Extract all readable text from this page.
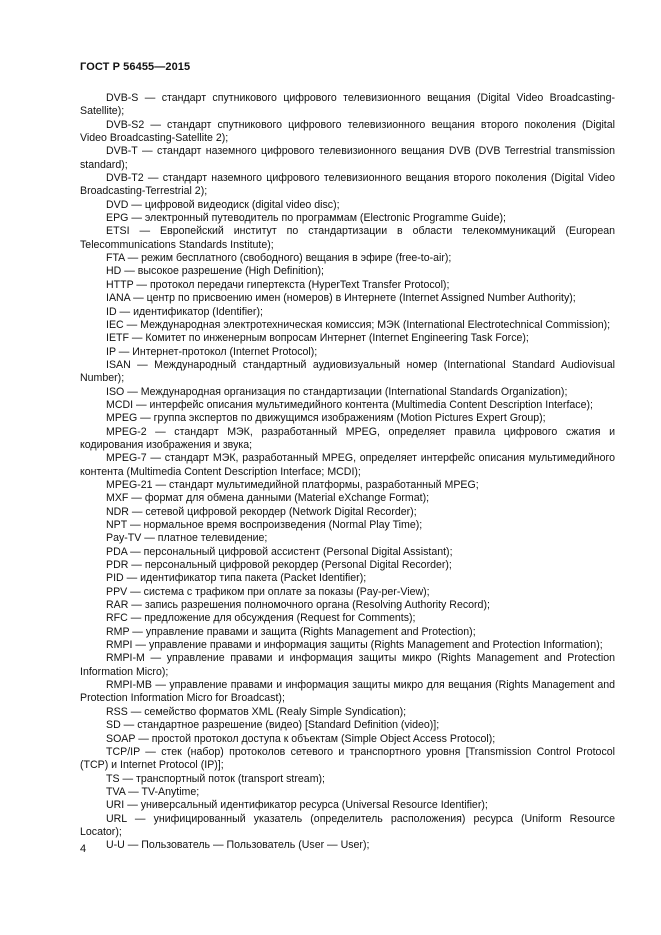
ГОСТ Р 56455—2015

DVB-S — стандарт спутникового цифрового телевизионного вещания (Digital Video Broadcasting-Satellite);

DVB-S2 — стандарт спутникового цифрового телевизионного вещания второго поколения (Digital Video Broadcasting-Satellite 2);

DVB-T — стандарт наземного цифрового телевизионного вещания DVB (DVB Terrestrial transmission standard);

DVB-T2 — стандарт наземного цифрового телевизионного вещания второго поколения (Digital Video Broadcasting-Terrestrial 2);

DVD — цифровой видеодиск (digital video disc);

EPG — электронный путеводитель по программам (Electronic Programme Guide);

ETSI — Европейский институт по стандартизации в области телекоммуникаций (European Telecommunications Standards Institute);

FTA — режим бесплатного (свободного) вещания в эфире (free-to-air);

HD — высокое разрешение (High Definition);

HTTP — протокол передачи гипертекста (HyperText Transfer Protocol);

IANA — центр по присвоению имен (номеров) в Интернете (Internet Assigned Number Authority);

ID — идентификатор (Identifier);

IEC — Международная электротехническая комиссия; МЭК (International Electrotechnical Commission);

IETF — Комитет по инженерным вопросам Интернет (Internet Engineering Task Force);

IP — Интернет-протокол (Internet Protocol);

ISAN — Международный стандартный аудиовизуальный номер (International Standard Audiovisual Number);

ISO — Международная организация по стандартизации (International Standards Organization);

MCDI — интерфейс описания мультимедийного контента (Multimedia Content Description Interface);

MPEG — группа экспертов по движущимся изображениям (Motion Pictures Expert Group);

MPEG-2 — стандарт МЭК, разработанный MPEG, определяет правила цифрового сжатия и кодирования изображения и звука;

MPEG-7 — стандарт МЭК, разработанный MPEG, определяет интерфейс описания мультимедийного контента (Multimedia Content Description Interface; MCDI);

MPEG-21 — стандарт мультимедийной платформы, разработанный MPEG;

MXF — формат для обмена данными (Material eXchange Format);

NDR — сетевой цифровой рекордер (Network Digital Recorder);

NPT — нормальное время воспроизведения (Normal Play Time);

Pay-TV — платное телевидение;

PDA — персональный цифровой ассистент (Personal Digital Assistant);

PDR — персональный цифровой рекордер (Personal Digital Recorder);

PID — идентификатор типа пакета (Packet Identifier);

PPV — система с трафиком при оплате за показы (Pay-per-View);

RAR — запись разрешения полномочного органа (Resolving Authority Record);

RFC — предложение для обсуждения (Request for Comments);

RMP — управление правами и защита (Rights Management and Protection);

RMPI — управление правами и информация защиты (Rights Management and Protection Information);

RMPI-M — управление правами и информация защиты микро (Rights Management and Protection Information Micro);

RMPI-MB — управление правами и информация защиты микро для вещания (Rights Management and Protection Information Micro for Broadcast);

RSS — семейство форматов XML (Realy Simple Syndication);

SD — стандартное разрешение (видео) [Standard Definition (video)];

SOAP — простой протокол доступа к объектам (Simple Object Access Protocol);

TCP/IP — стек (набор) протоколов сетевого и транспортного уровня [Transmission Control Protocol (TCP) и Internet Protocol (IP)];

TS — транспортный поток (transport stream);

TVA — TV-Anytime;

URI — универсальный идентификатор ресурса (Universal Resource Identifier);

URL — унифицированный указатель (определитель расположения) ресурса (Uniform Resource Locator);

U-U — Пользователь — Пользователь (User — User);

4
